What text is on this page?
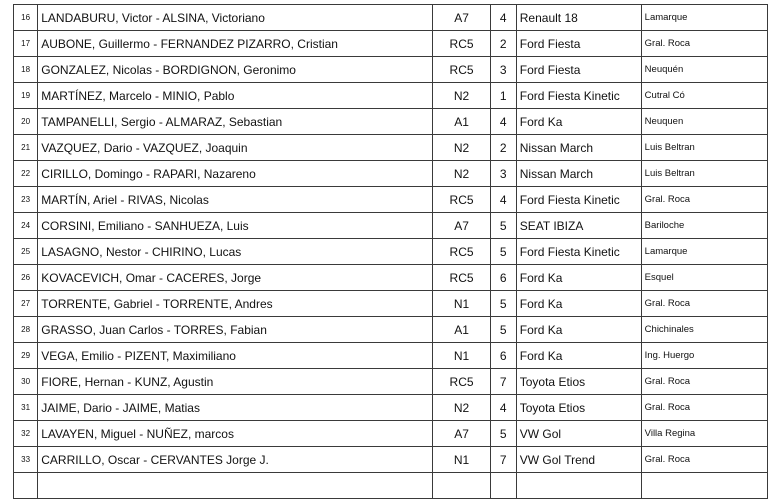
16	LANDABURU, Victor - ALSINA, Victoriano	A7	4	Renault 18	Lamarque
17	AUBONE, Guillermo - FERNANDEZ PIZARRO, Cristian	RC5	2	Ford Fiesta	Gral. Roca
18	GONZALEZ, Nicolas - BORDIGNON, Geronimo	RC5	3	Ford Fiesta	Neuquén
19	MARTÍNEZ, Marcelo - MINIO, Pablo	N2	1	Ford Fiesta Kinetic	Cutral Có
20	TAMPANELLI, Sergio - ALMARAZ, Sebastian	A1	4	Ford Ka	Neuquen
21	VAZQUEZ, Dario - VAZQUEZ, Joaquin	N2	2	Nissan March	Luis Beltran
22	CIRILLO, Domingo - RAPARI, Nazareno	N2	3	Nissan March	Luis Beltran
23	MARTÍN, Ariel - RIVAS, Nicolas	RC5	4	Ford Fiesta Kinetic	Gral. Roca
24	CORSINI, Emiliano - SANHUEZA, Luis	A7	5	SEAT IBIZA	Bariloche
25	LASAGNO, Nestor - CHIRINO, Lucas	RC5	5	Ford Fiesta Kinetic	Lamarque
26	KOVACEVICH, Omar - CACERES, Jorge	RC5	6	Ford Ka	Esquel
27	TORRENTE, Gabriel - TORRENTE, Andres	N1	5	Ford Ka	Gral. Roca
28	GRASSO, Juan Carlos - TORRES, Fabian	A1	5	Ford Ka	Chichinales
29	VEGA, Emilio - PIZENT, Maximiliano	N1	6	Ford Ka	Ing. Huergo
30	FIORE, Hernan - KUNZ, Agustin	RC5	7	Toyota Etios	Gral. Roca
31	JAIME, Dario - JAIME, Matias	N2	4	Toyota Etios	Gral. Roca
32	LAVAYEN, Miguel - NUÑEZ, marcos	A7	5	VW Gol	Villa Regina
33	CARRILLO, Oscar - CERVANTES Jorge J.	N1	7	VW Gol Trend	Gral. Roca
